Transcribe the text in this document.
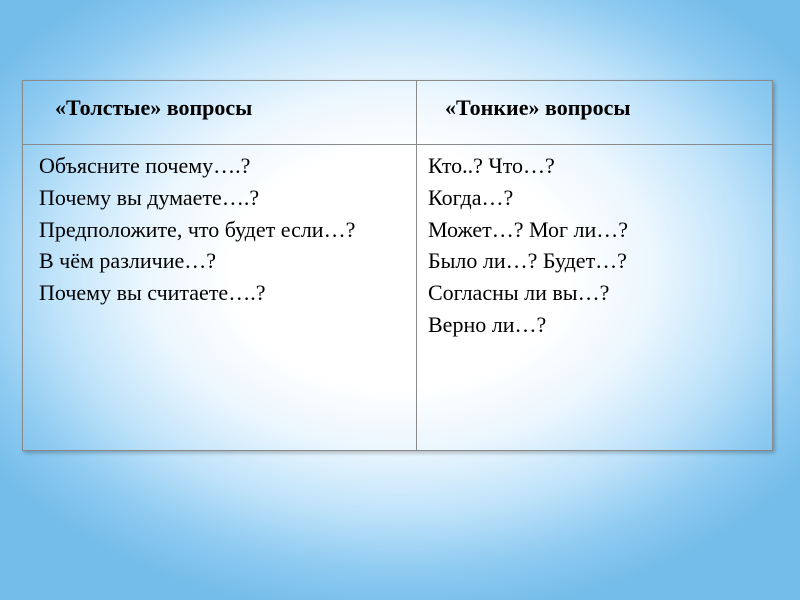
«Толстые» вопросы	«Тонкие» вопросы
Объясните почему….?
Почему вы думаете….?
Предположите, что будет если…?
В чём различие…?
Почему вы считаете….?
Кто..? Что…?
Когда…?
Может…? Мог ли…?
Было ли…? Будет…?
Согласны ли вы…?
Верно ли…?
